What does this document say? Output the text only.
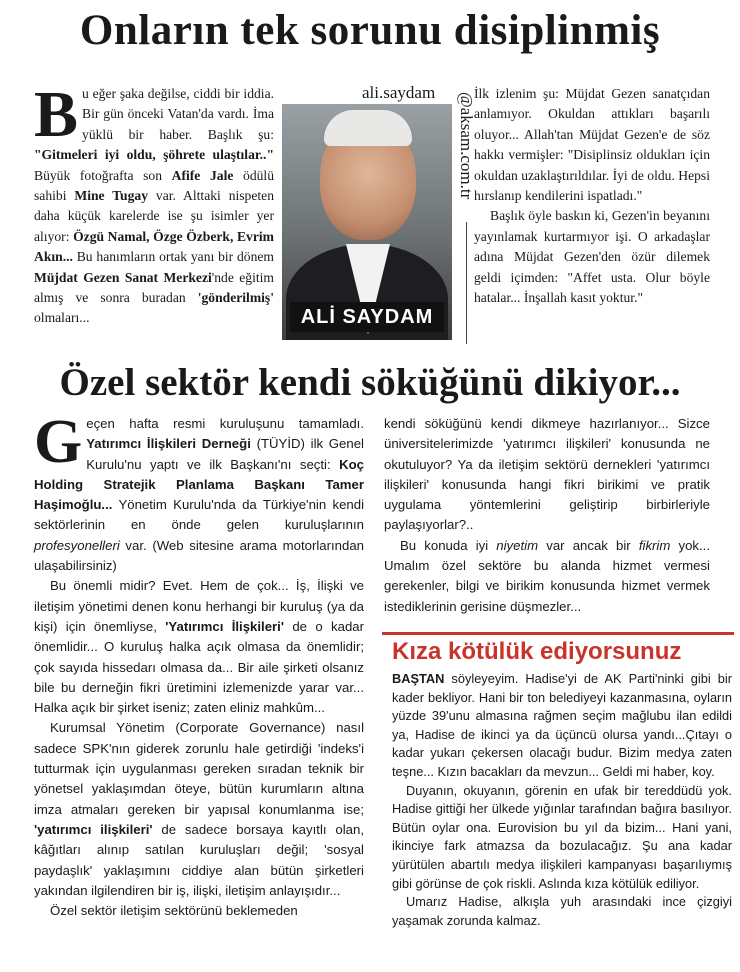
Onların tek sorunu disiplinmiş

Bu eğer şaka değilse, ciddi bir iddia. Bir gün önceki Vatan'da vardı. İma yüklü bir haber. Başlık şu: "Gitmeleri iyi oldu, şöhrete ulaştılar.." Büyük fotoğrafta son Afife Jale ödülü sahibi Mine Tugay var. Alttaki nispeten daha küçük karelerde ise şu isimler yer alıyor: Özgü Namal, Özge Özberk, Evrim Akın... Bu hanımların ortak yanı bir dönem Müjdat Gezen Sanat Merkezi'nde eğitim almış ve sonra buradan 'gönderilmiş' olmaları...

ali.saydam
ALİ SAYDAM
@aksam.com.tr

İlk izlenim şu: Müjdat Gezen sanatçıdan anlamıyor. Okuldan attıkları başarılı oluyor... Allah'tan Müjdat Gezen'e de söz hakkı vermişler: "Disiplinsiz oldukları için okuldan uzaklaştırıldılar. İyi de oldu. Hepsi hırslanıp kendilerini ispatladı."

Başlık öyle baskın ki, Gezen'in beyanını yayınlamak kurtarmıyor işi. O arkadaşlar adına Müjdat Gezen'den özür dilemek geldi içimden: "Affet usta. Olur böyle hatalar... İnşallah kasıt yoktur."

Özel sektör kendi söküğünü dikiyor...

Geçen hafta resmi kuruluşunu tamamladı. Yatırımcı İlişkileri Derneği (TÜYİD) ilk Genel Kurulu'nu yaptı ve ilk Başkanı'nı seçti: Koç Holding Stratejik Planlama Başkanı Tamer Haşimoğlu... Yönetim Kurulu'nda da Türkiye'nin kendi sektörlerinin en önde gelen kuruluşlarının profesyonelleri var. (Web sitesine arama motorlarından ulaşabilirsiniz)

Bu önemli midir? Evet. Hem de çok... İş, İlişki ve iletişim yönetimi denen konu herhangi bir kuruluş (ya da kişi) için önemliyse, 'Yatırımcı İlişkileri' de o kadar önemlidir... O kuruluş halka açık olmasa da önemlidir; çok sayıda hissedarı olmasa da... Bir aile şirketi olsanız bile bu derneğin fikri üretimini izlemenizde yarar var... Halka açık bir şirket iseniz; zaten eliniz mahkûm...

Kurumsal Yönetim (Corporate Governance) nasıl sadece SPK'nın giderek zorunlu hale getirdiği 'indeks'i tutturmak için uygulanması gereken sıradan teknik bir yönetsel yaklaşımdan öteye, bütün kurumların altına imza atmaları gereken bir yapısal konumlanma ise; 'yatırımcı ilişkileri' de sadece borsaya kayıtlı olan, kâğıtları alınıp satılan kuruluşları değil; 'sosyal paydaşlık' yaklaşımını ciddiye alan bütün şirketleri yakından ilgilendiren bir iş, ilişki, iletişim anlayışıdır...

Özel sektör iletişim sektörünü beklemeden

kendi söküğünü kendi dikmeye hazırlanıyor... Sizce üniversitelerimizde 'yatırımcı ilişkileri' konusunda ne okutuluyor? Ya da iletişim sektörü dernekleri 'yatırımcı ilişkileri' konusunda hangi fikri birikimi ve pratik uygulama yöntemlerini geliştirip birbirleriyle paylaşıyorlar?..

Bu konuda iyi niyetim var ancak bir fikrim yok... Umalım özel sektöre bu alanda hizmet vermesi gerekenler, bilgi ve birikim konusunda hizmet vermek istediklerinin gerisine düşmezler...

Kıza kötülük ediyorsunuz

BAŞTAN söyleyeyim. Hadise'yi de AK Parti'ninki gibi bir kader bekliyor. Hani bir ton belediyeyi kazanmasına, oyların yüzde 39'unu almasına rağmen seçim mağlubu ilan edildi ya, Hadise de ikinci ya da üçüncü olursa yandı...Çıtayı o kadar yukarı çekersen olacağı budur. Bizim medya zaten teşne... Kızın bacakları da mevzun... Geldi mi haber, koy.

Duyanın, okuyanın, görenin en ufak bir tereddüdü yok. Hadise gittiği her ülkede yığınlar tarafından bağıra basılıyor. Bütün oylar ona. Eurovision bu yıl da bizim... Hani yani, ikinciye fark atmazsa da bozulacağız. Şu ana kadar yürütülen abartılı medya ilişkileri kampanyası başarılıymış gibi görünse de çok riskli. Aslında kıza kötülük ediliyor.

Umarız Hadise, alkışla yuh arasındaki ince çizgiyi yaşamak zorunda kalmaz.
